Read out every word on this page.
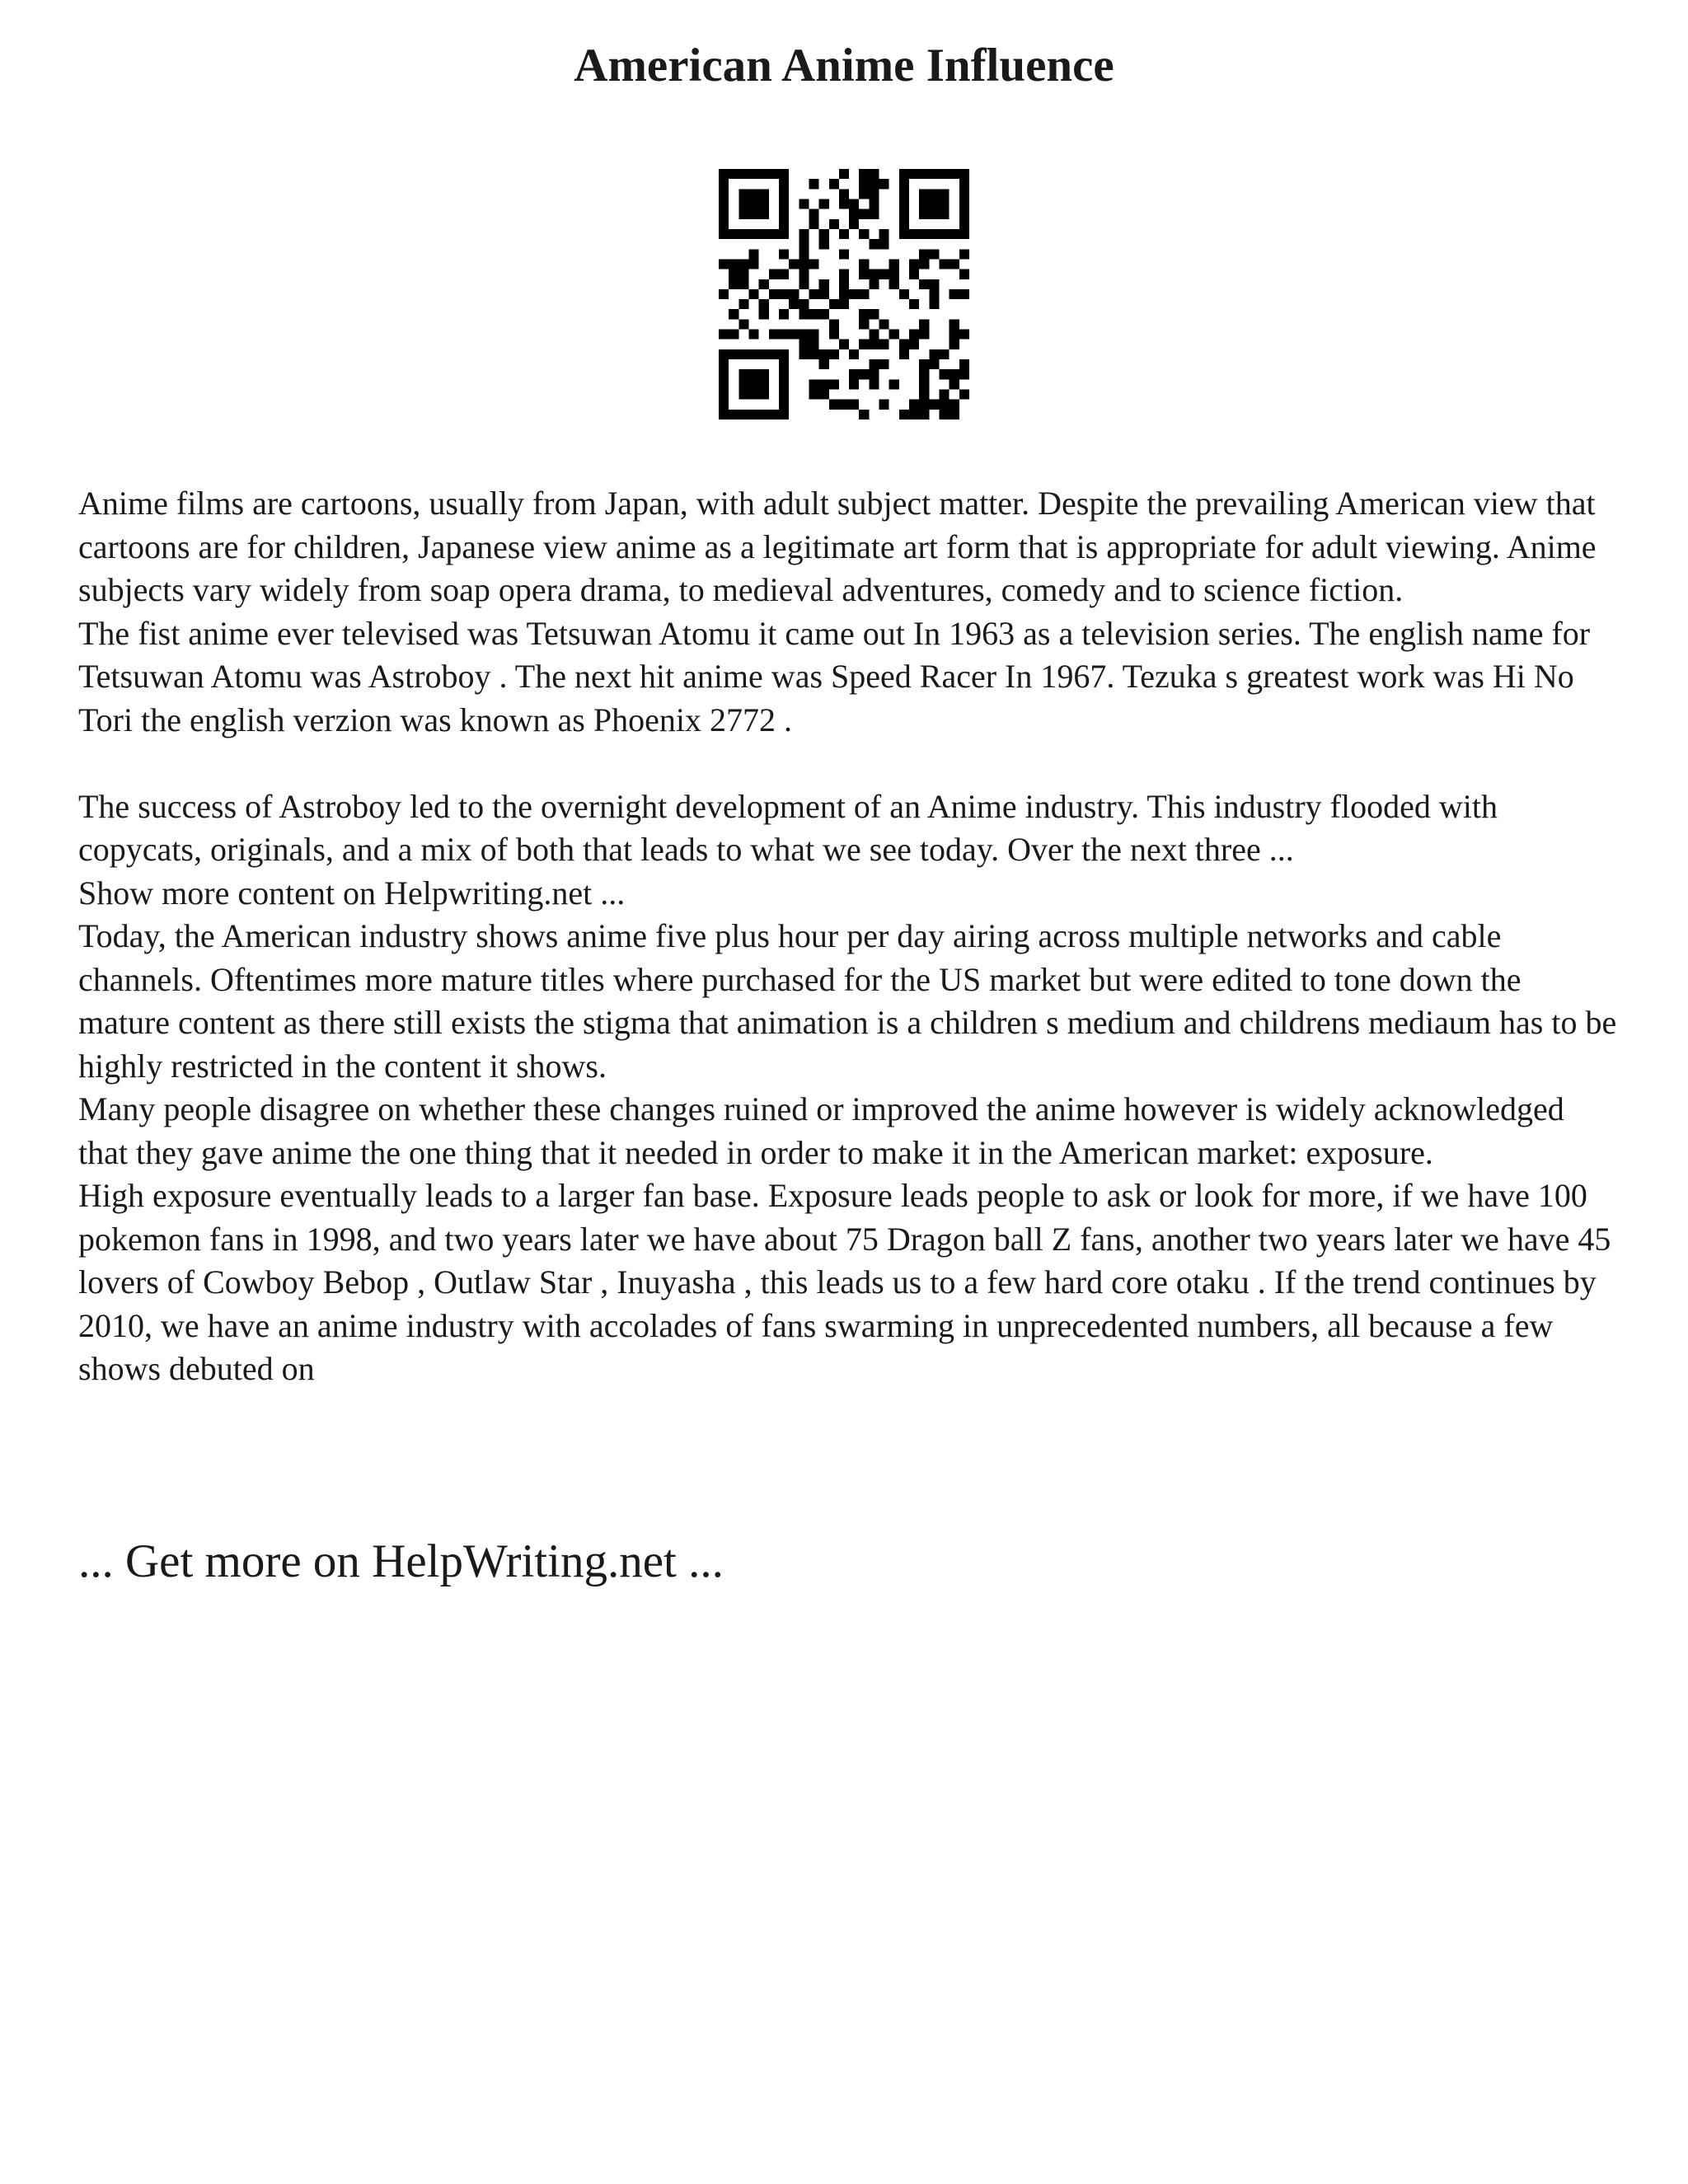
American Anime Influence

Anime films are cartoons, usually from Japan, with adult subject matter. Despite the prevailing American view that cartoons are for children, Japanese view anime as a legitimate art form that is appropriate for adult viewing. Anime subjects vary widely from soap opera drama, to medieval adventures, comedy and to science fiction.

The fist anime ever televised was Tetsuwan Atomu it came out In 1963 as a television series. The english name for Tetsuwan Atomu was Astroboy . The next hit anime was Speed Racer In 1967. Tezuka s greatest work was Hi No Tori the english verzion was known as Phoenix 2772 .

The success of Astroboy led to the overnight development of an Anime industry. This industry flooded with copycats, originals, and a mix of both that leads to what we see today. Over the next three ...

Show more content on Helpwriting.net ...

Today, the American industry shows anime five plus hour per day airing across multiple networks and cable channels. Oftentimes more mature titles where purchased for the US market but were edited to tone down the mature content as there still exists the stigma that animation is a children s medium and childrens mediaum has to be highly restricted in the content it shows.

Many people disagree on whether these changes ruined or improved the anime however is widely acknowledged that they gave anime the one thing that it needed in order to make it in the American market: exposure.

High exposure eventually leads to a larger fan base. Exposure leads people to ask or look for more, if we have 100 pokemon fans in 1998, and two years later we have about 75 Dragon ball Z fans, another two years later we have 45 lovers of Cowboy Bebop , Outlaw Star , Inuyasha , this leads us to a few hard core otaku . If the trend continues by 2010, we have an anime industry with accolades of fans swarming in unprecedented numbers, all because a few shows debuted on

... Get more on HelpWriting.net ...
